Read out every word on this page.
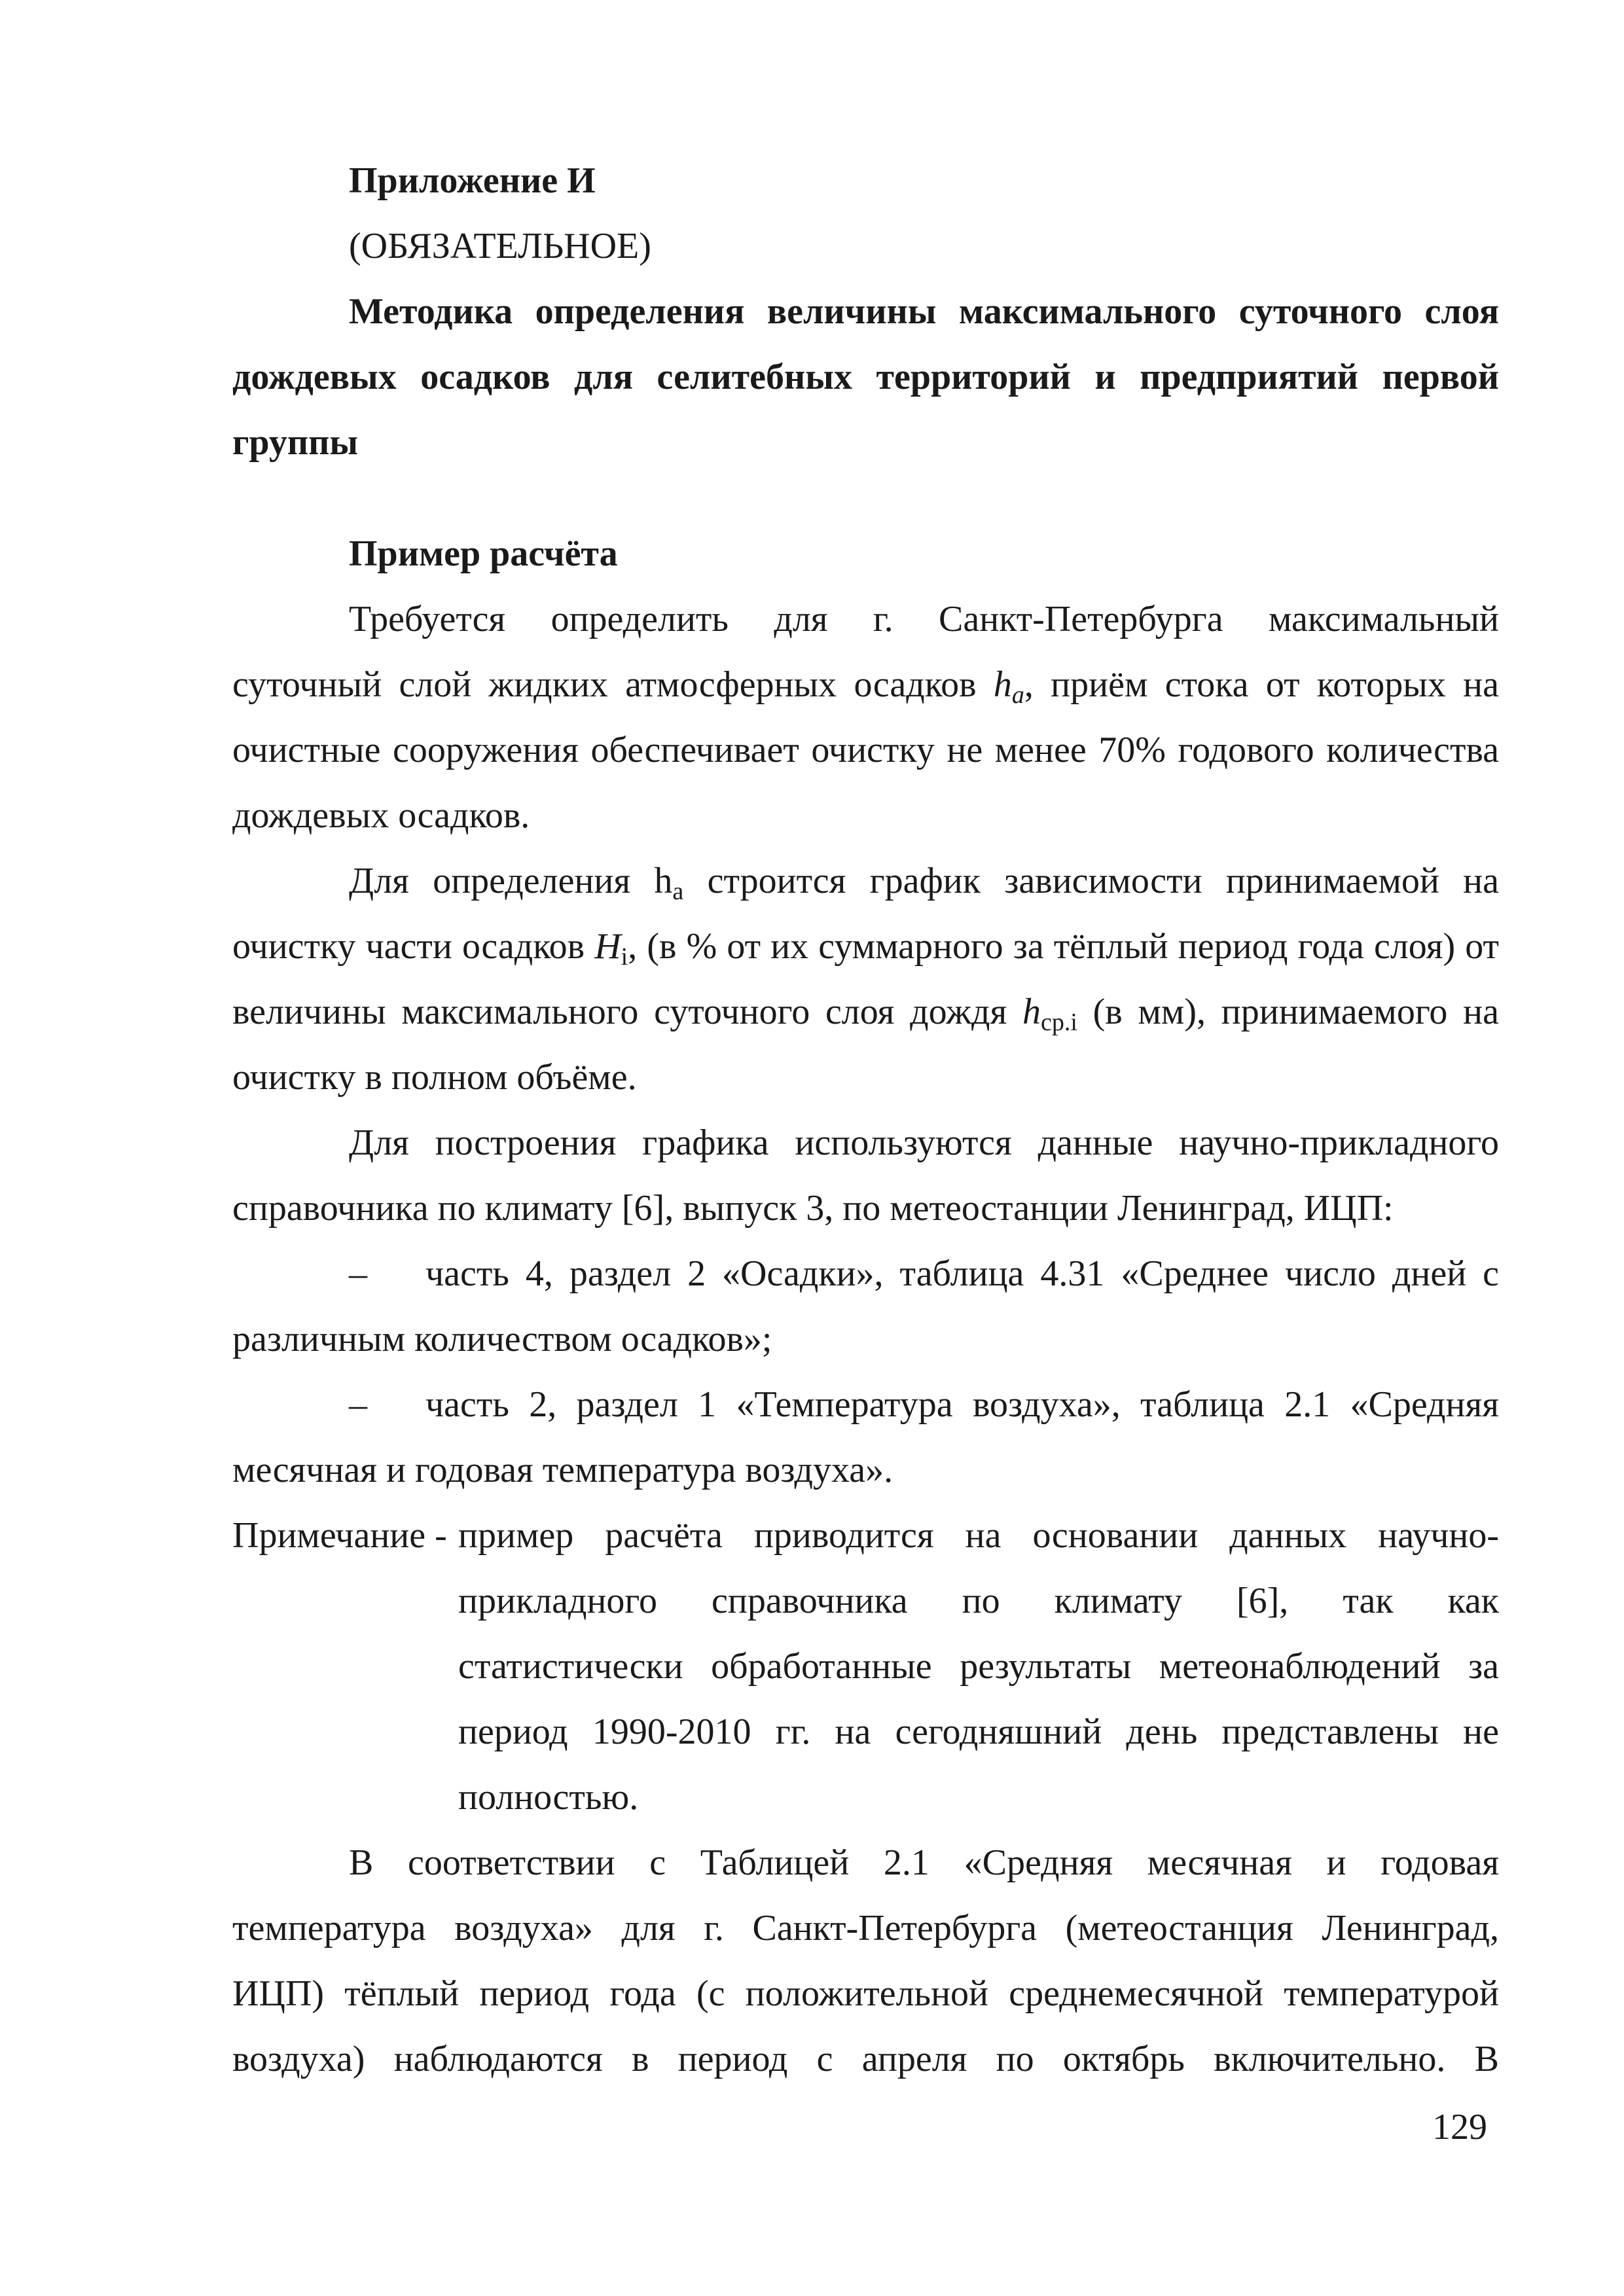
Приложение И
(ОБЯЗАТЕЛЬНОЕ)
Методика определения величины максимального суточного слоя
дождевых осадков для селитебных территорий и предприятий первой
группы
Пример расчёта
Требуется определить для г. Санкт-Петербурга максимальный
суточный слой жидких атмосферных осадков $h_a$, приём стока от которых на
очистные сооружения обеспечивает очистку не менее 70% годового количества
дождевых осадков.
Для определения $h_a$ строится график зависимости принимаемой на
очистку части осадков $H_i$, (в % от их суммарного за тёплый период года слоя) от
величины максимального суточного слоя дождя $h_{ср.i}$ (в мм), принимаемого на
очистку в полном объёме.
Для построения графика используются данные научно-прикладного
справочника по климату [6], выпуск 3, по метеостанции Ленинград, ИЦП:
– часть 4, раздел 2 «Осадки», таблица 4.31 «Среднее число дней с
различным количеством осадков»;
– часть 2, раздел 1 «Температура воздуха», таблица 2.1 «Средняя
месячная и годовая температура воздуха».
Примечание - пример расчёта приводится на основании данных научно-
прикладного справочника по климату [6], так как
статистически обработанные результаты метеонаблюдений за
период 1990-2010 гг. на сегодняшний день представлены не
полностью.
В соответствии с Таблицей 2.1 «Средняя месячная и годовая
температура воздуха» для г. Санкт-Петербурга (метеостанция Ленинград,
ИЦП) тёплый период года (с положительной среднемесячной температурой
воздуха) наблюдаются в период с апреля по октябрь включительно. В
129
